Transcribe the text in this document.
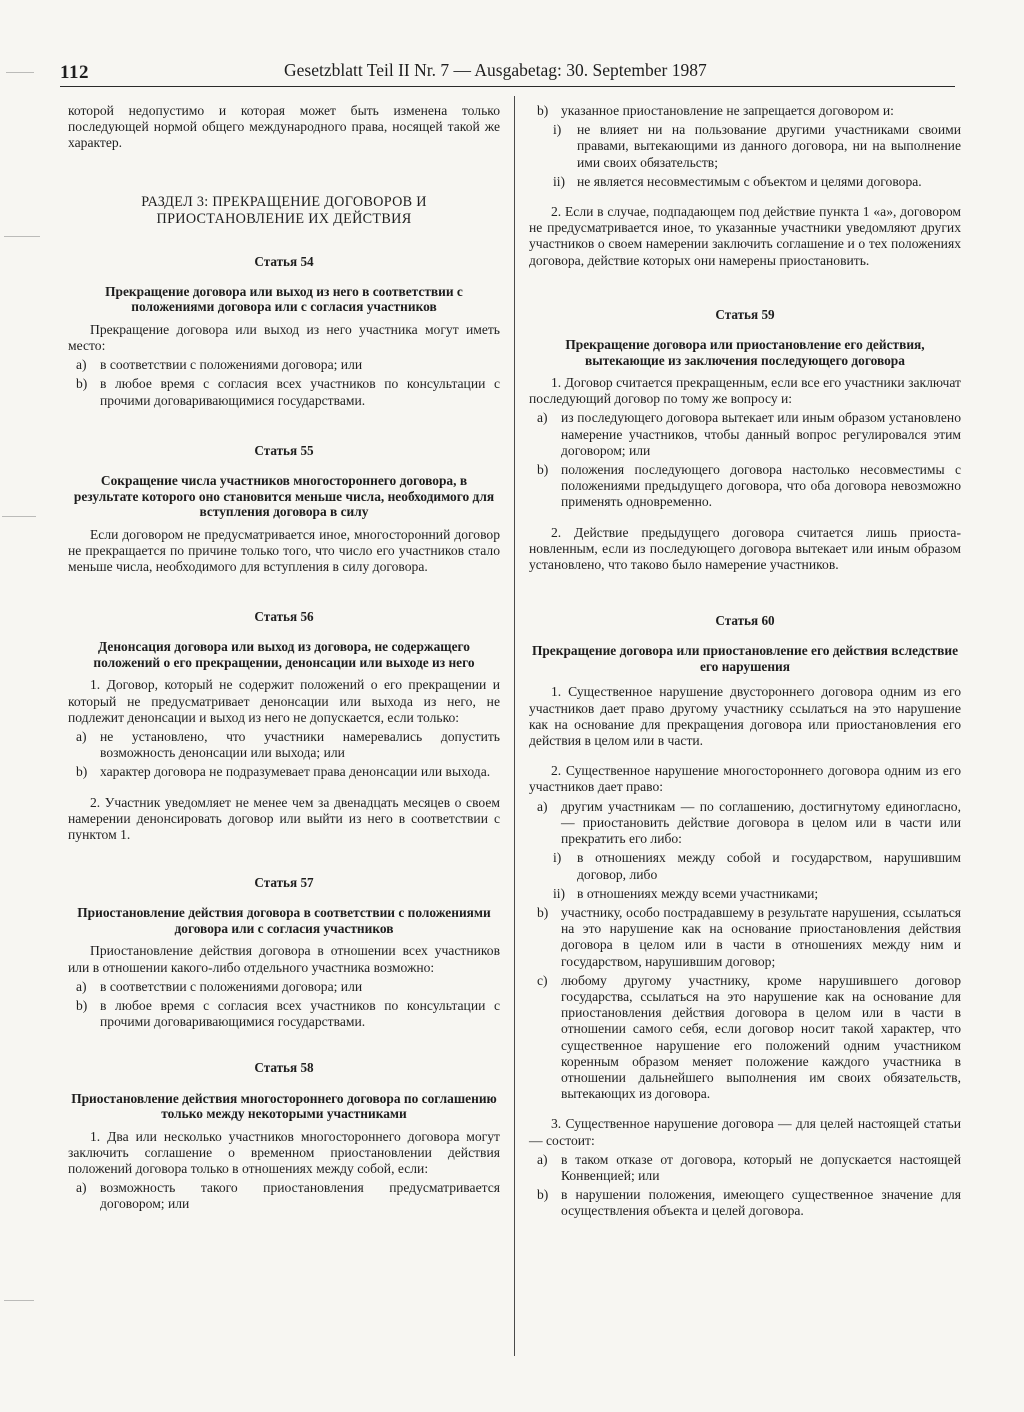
112	Gesetzblatt Teil II Nr. 7 — Ausgabetag: 30. September 1987

которой недопустимо и которая может быть изменена только последующей нормой общего международного права, носящей такой же характер.

РАЗДЕЛ 3: ПРЕКРАЩЕНИЕ ДОГОВОРОВ И
ПРИОСТАНОВЛЕНИЕ ИХ ДЕЙСТВИЯ
Статья 54
Прекращение договора или выход из него в соответствии с положениями договора или с согласия участников

Прекращение договора или выход из него участника могут иметь место:

a) в соответствии с положениями договора; или
b) в любое время с согласия всех участников по консультации с прочими договаривающимися государствами.
Статья 55
Сокращение числа участников многостороннего договора, в результате которого оно становится меньше числа, необходимого для вступления договора в силу

Если договором не предусматривается иное, многосторонний договор не прекращается по причине только того, что число его участников стало меньше числа, необходимого для вступления в силу договора.

Статья 56
Денонсация договора или выход из договора, не содержащего положений о его прекращении, денонсации или выходе из него

1. Договор, который не содержит положений о его прекращении и который не предусматривает денонсации или выхода из него, не подлежит денонсации и выход из него не допускается, если только:

a) не установлено, что участники намеревались допустить возможность денонсации или выхода; или
b) характер договора не подразумевает права денонсации или выхода.

2. Участник уведомляет не менее чем за двенадцать месяцев о своем намерении денонсировать договор или выйти из него в соответствии с пунктом 1.

Статья 57
Приостановление действия договора в соответствии с положениями договора или с согласия участников

Приостановление действия договора в отношении всех участников или в отношении какого-либо отдельного участника возможно:

a) в соответствии с положениями договора; или
b) в любое время с согласия всех участников по консультации с прочими договаривающимися государствами.
Статья 58
Приостановление действия многостороннего договора по соглашению только между некоторыми участниками

1. Два или несколько участников многостороннего договора могут заключить соглашение о временном приостановлении действия положений договора только в отношениях между собой, если:

a) возможность такого приостановления предусматривается договором; или
b) указанное приостановление не запрещается договором и:
i) не влияет ни на пользование другими участниками своими правами, вытекающими из данного договора, ни на выполнение ими своих обязательств;
ii) не является несовместимым с объектом и целями договора.

2. Если в случае, подпадающем под действие пункта 1 «а», договором не предусматривается иное, то указанные участники уведомляют других участников о своем намерении заключить соглашение и о тех положениях договора, действие которых они намерены приостановить.

Статья 59
Прекращение договора или приостановление его действия, вытекающие из заключения последующего договора

1. Договор считается прекращенным, если все его участники заключат последующий договор по тому же вопросу и:

a) из последующего договора вытекает или иным образом установлено намерение участников, чтобы данный вопрос регулировался этим договором; или
b) положения последующего договора настолько несовместимы с положениями предыдущего договора, что оба договора невозможно применять одновременно.

2. Действие предыдущего договора считается лишь приостановленным, если из последующего договора вытекает или иным образом установлено, что таково было намерение участников.

Статья 60
Прекращение договора или приостановление его действия вследствие его нарушения

1. Существенное нарушение двустороннего договора одним из его участников дает право другому участнику ссылаться на это нарушение как на основание для прекращения договора или приостановления его действия в целом или в части.

2. Существенное нарушение многостороннего договора одним из его участников дает право:

a) другим участникам — по соглашению, достигнутому единогласно, — приостановить действие договора в целом или в части или прекратить его либо:
i) в отношениях между собой и государством, нарушившим договор, либо
ii) в отношениях между всеми участниками;
b) участнику, особо пострадавшему в результате нарушения, ссылаться на это нарушение как на основание приостановления действия договора в целом или в части в отношениях между ним и государством, нарушившим договор;
c) любому другому участнику, кроме нарушившего договор государства, ссылаться на это нарушение как на основание для приостановления действия договора в целом или в части в отношении самого себя, если договор носит такой характер, что существенное нарушение его положений одним участником коренным образом меняет положение каждого участника в отношении дальнейшего выполнения им своих обязательств, вытекающих из договора.

3. Существенное нарушение договора — для целей настоящей статьи — состоит:

a) в таком отказе от договора, который не допускается настоящей Конвенцией; или
b) в нарушении положения, имеющего существенное значение для осуществления объекта и целей договора.
